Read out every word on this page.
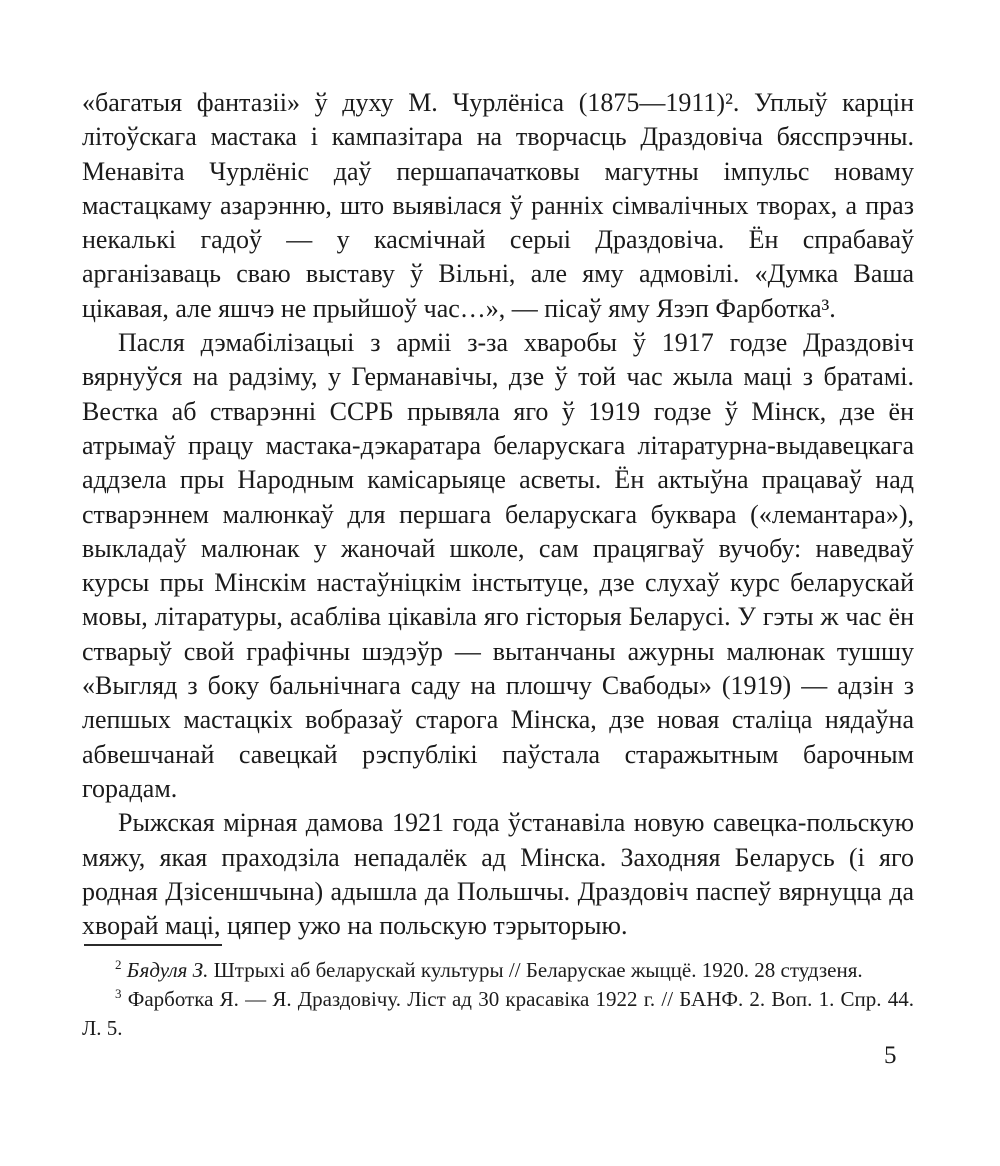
«багатыя фантазіі» ў духу М. Чурлёніса (1875—1911)². Уплыў карцін літоўскага мастака і кампазітара на творчасць Драздовіча бясспрэчны. Менавіта Чурлёніс даў першапачатковы магутны імпульс новаму мастацкаму азарэнню, што выявілася ў ранніх сімвалічных творах, а праз некалькі гадоў — у касмічнай серыі Драздовіча. Ён спрабаваў арганізаваць сваю выставу ў Вільні, але яму адмовілі. «Думка Ваша цікавая, але яшчэ не прыйшоў час…», — пісаў яму Язэп Фарботка³.

Пасля дэмабілізацыі з арміі з-за хваробы ў 1917 годзе Драздовіч вярнуўся на радзіму, у Германавічы, дзе ў той час жыла маці з братамі. Вестка аб стварэнні ССРБ прывяла яго ў 1919 годзе ў Мінск, дзе ён атрымаў працу мастака-дэкаратара беларускага літаратурна-выдавецкага аддзела пры Народным камісарыяце асветы. Ён актыўна працаваў над стварэннем малюнкаў для першага беларускага буквара («лемантара»), выкладаў малюнак у жаночай школе, сам працягваў вучобу: наведваў курсы пры Мінскім настаўніцкім інстытуце, дзе слухаў курс беларускай мовы, літаратуры, асабліва цікавіла яго гісторыя Беларусі. У гэты ж час ён стварыў свой графічны шэдэўр — вытанчаны ажурны малюнак тушшу «Выгляд з боку бальнічнага саду на плошчу Свабоды» (1919) — адзін з лепшых мастацкіх вобразаў старога Мінска, дзе новая сталіца нядаўна абвешчанай савецкай рэспублікі паўстала старажытным барочным горадам.

Рыжская мірная дамова 1921 года ўстанавіла новую савецка-польскую мяжу, якая праходзіла непадалёк ад Мінска. Заходняя Беларусь (і яго родная Дзісеншчына) адышла да Польшчы. Драздовіч паспеў вярнуцца да хворай маці, цяпер ужо на польскую тэрыторыю.

$^2$ Бядуля З. Штрыхі аб беларускай культуры // Беларускае жыццё. 1920. 28 студзеня.

$^3$ Фарботка Я. — Я. Драздовічу. Ліст ад 30 красавіка 1922 г. // БАНФ. 2. Воп. 1. Спр. 44. Л. 5.

5
